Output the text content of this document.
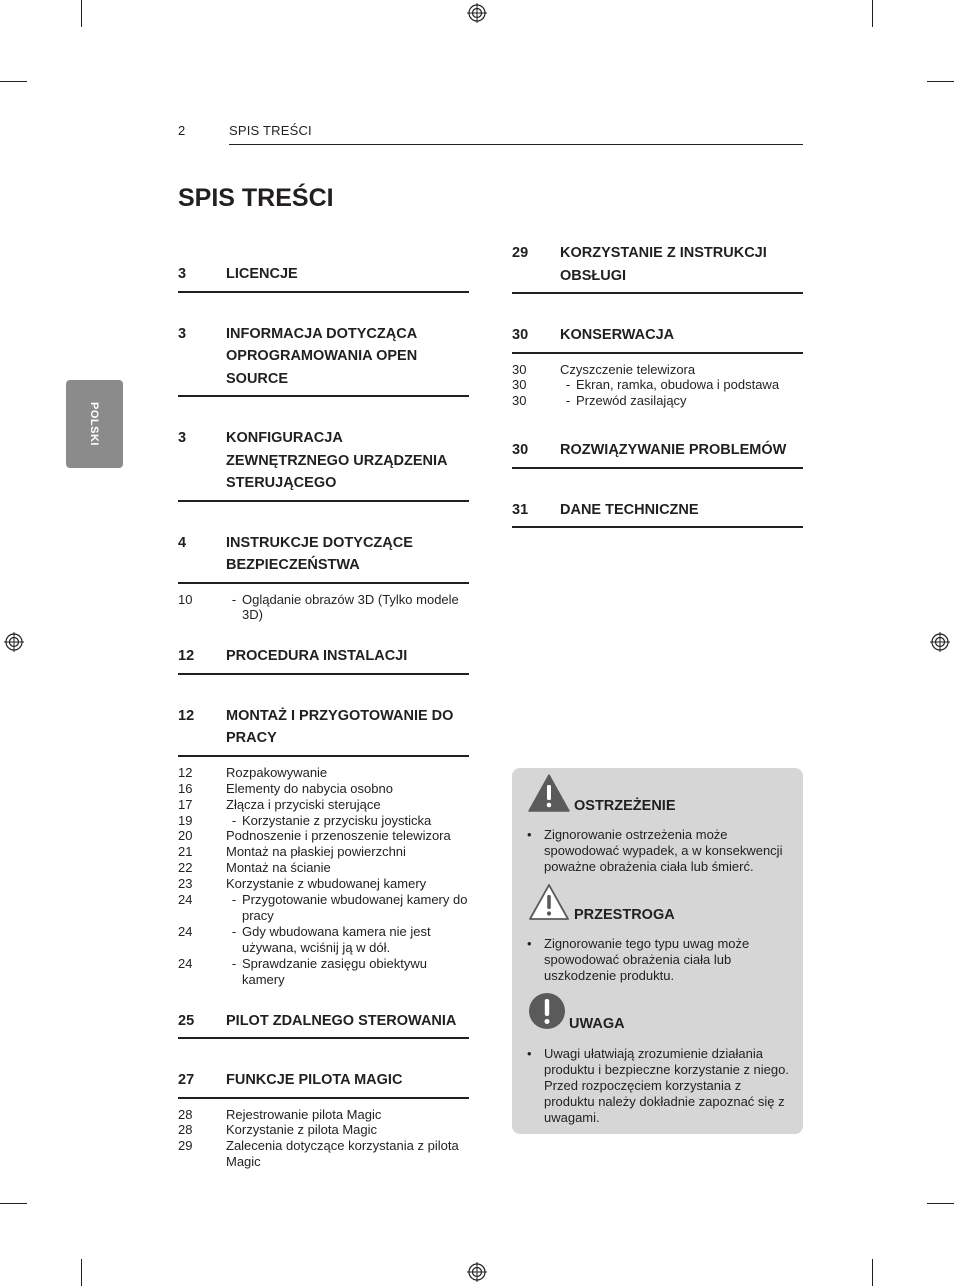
2	SPIS TREŚCI
SPIS TREŚCI
POLSKI
3	LICENCJE
3	INFORMACJA DOTYCZĄCA OPROGRAMOWANIA OPEN SOURCE
3	KONFIGURACJA ZEWNĘTRZNEGO URZĄDZENIA STERUJĄCEGO
4	INSTRUKCJE DOTYCZĄCE BEZPIECZEŃSTWA
10	- Oglądanie obrazów 3D (Tylko modele 3D)
12	PROCEDURA INSTALACJI
12	MONTAŻ I PRZYGOTOWANIE DO PRACY
12	Rozpakowywanie
16	Elementy do nabycia osobno
17	Złącza i przyciski sterujące
19	- Korzystanie z przycisku joysticka
20	Podnoszenie i przenoszenie telewizora
21	Montaż na płaskiej powierzchni
22	Montaż na ścianie
23	Korzystanie z wbudowanej kamery
24	- Przygotowanie wbudowanej kamery do pracy
24	- Gdy wbudowana kamera nie jest używana, wciśnij ją w dół.
24	- Sprawdzanie zasięgu obiektywu kamery
25	PILOT ZDALNEGO STEROWANIA
27	FUNKCJE PILOTA MAGIC
28	Rejestrowanie pilota Magic
28	Korzystanie z pilota Magic
29	Zalecenia dotyczące korzystania z pilota Magic
29	KORZYSTANIE Z INSTRUKCJI OBSŁUGI
30	KONSERWACJA
30	Czyszczenie telewizora
30	- Ekran, ramka, obudowa i podstawa
30	- Przewód zasilający
30	ROZWIĄZYWANIE PROBLEMÓW
31	DANE TECHNICZNE
OSTRZEŻENIE
• Zignorowanie ostrzeżenia może spowodować wypadek, a w konsekwencji poważne obrażenia ciała lub śmierć.
PRZESTROGA
• Zignorowanie tego typu uwag może spowodować obrażenia ciała lub uszkodzenie produktu.
UWAGA
• Uwagi ułatwiają zrozumienie działania produktu i bezpieczne korzystanie z niego. Przed rozpoczęciem korzystania z produktu należy dokładnie zapoznać się z uwagami.
